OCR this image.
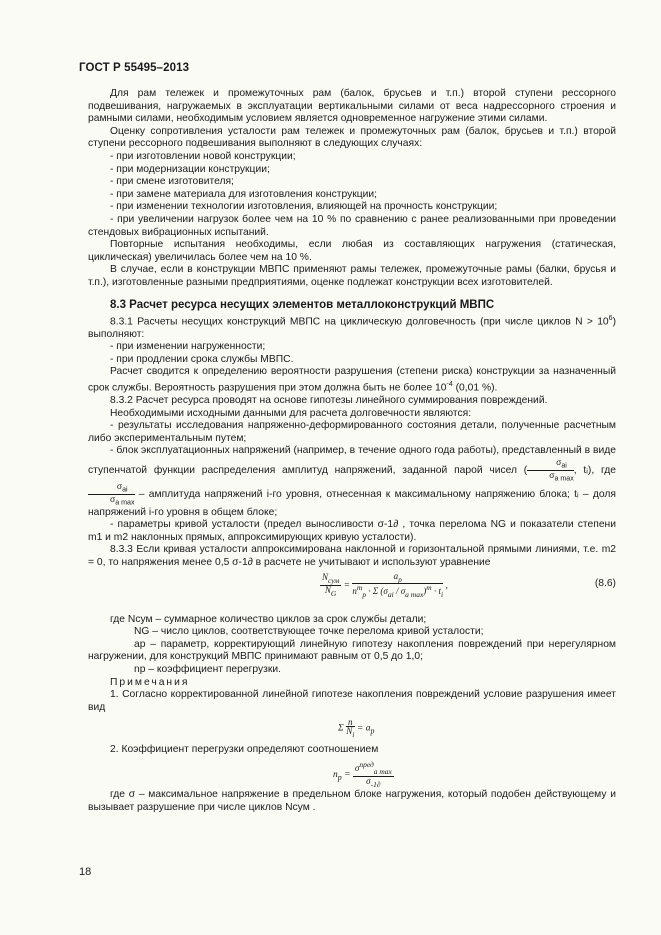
ГОСТ Р 55495–2013

Для рам тележек и промежуточных рам (балок, брусьев и т.п.) второй ступени рессорного подвешивания, нагружаемых в эксплуатации вертикальными силами от веса надрессорного строения и рамными силами, необходимым условием является одновременное нагружение этими силами.

Оценку сопротивления усталости рам тележек и промежуточных рам (балок, брусьев и т.п.) второй ступени рессорного подвешивания выполняют в следующих случаях:

- при изготовлении новой конструкции;

- при модернизации конструкции;

- при смене изготовителя;

- при замене материала для изготовления конструкции;

- при изменении технологии изготовления, влияющей на прочность конструкции;

- при увеличении нагрузок более чем на 10 % по сравнению с ранее реализованными при проведении стендовых вибрационных испытаний.

Повторные испытания необходимы, если любая из составляющих нагружения (статическая, циклическая) увеличилась более чем на 10 %.

В случае, если в конструкции МВПС применяют рамы тележек, промежуточные рамы (балки, брусья и т.п.), изготовленные разными предприятиями, оценке подлежат конструкции всех изготовителей.

8.3 Расчет ресурса несущих элементов металлоконструкций МВПС

8.3.1 Расчеты несущих конструкций МВПС на циклическую долговечность (при числе циклов $N > 10^6$) выполняют:

- при изменении нагруженности;

- при продлении срока службы МВПС.

Расчет сводится к определению вероятности разрушения (степени риска) конструкции за назначенный срок службы. Вероятность разрушения при этом должна быть не более $10^{-4}$ (0,01 %).

8.3.2 Расчет ресурса проводят на основе гипотезы линейного суммирования повреждений.

Необходимыми исходными данными для расчета долговечности являются:

- результаты исследования напряженно-деформированного состояния детали, полученные расчетным либо экспериментальным путем;

- блок эксплуатационных напряжений (например, в течение одного года работы), представленный в виде ступенчатой функции распределения амплитуд напряжений, заданной парой чисел (
$\sigma_{ai}$
$\sigma_{a max}$
, tᵢ), где
$\sigma_{ai}$
$\sigma_{a max}$
– амплитуда напряжений i-го уровня, отнесенная к максимальному напряжению блока; tᵢ – доля напряжений i-го уровня в общем блоке;

- параметры кривой усталости (предел выносливости σ-1∂ , точка перелома NG и показатели степени m1 и m2 наклонных прямых, аппроксимирующих кривую усталости).

8.3.3 Если кривая усталости аппроксимирована наклонной и горизонтальной прямыми линиями, т.е. m2 = 0, то напряжения менее 0,5 σ-1∂ в расчете не учитывают и используют уравнение

$N_{сум}$
$N_G$
=
$a_p$
$n^m_p \cdot \Sigma$ $(\sigma_{ai} / \sigma_{a max})^m \cdot t_i$
,	(8.6)

где Nсум – суммарное количество циклов за срок службы детали;

NG – число циклов, соответствующее точке перелома кривой усталости;

aр – параметр, корректирующий линейную гипотезу накопления повреждений при нерегулярном нагружении, для конструкций МВПС принимают равным от 0,5 до 1,0;

nр – коэффициент перегрузки.

Примечания

1. Согласно корректированной линейной гипотезе накопления повреждений условие разрушения имеет вид

Σ $\frac{n}{N_i} = a_p$

2. Коэффициент перегрузки определяют соотношением

$n_p$ =
$\sigma^{пред}_{a max}$
$\sigma_{-1\partial}$

где σ – максимальное напряжение в предельном блоке нагружения, который подобен действующему и вызывает разрушение при числе циклов Nсум .

18
